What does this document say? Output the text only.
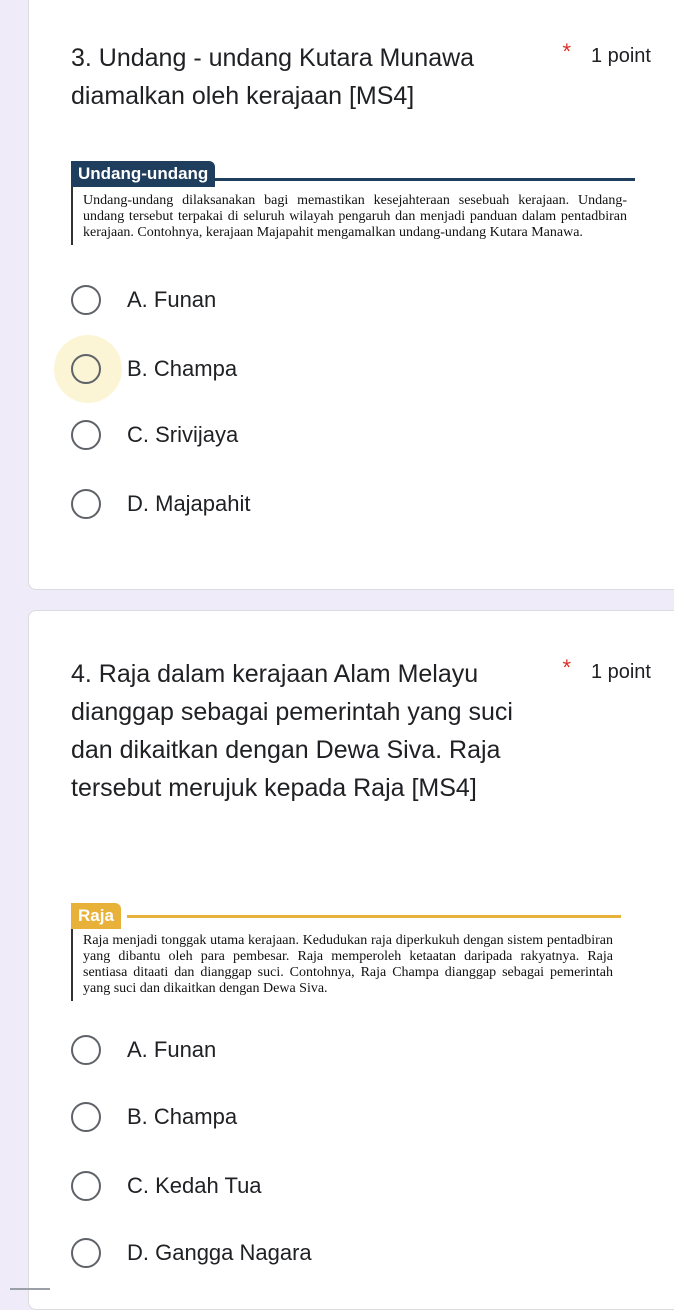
3. Undang - undang Kutara Munawa diamalkan oleh kerajaan [MS4]

* 1 point
Undang-undang
Undang-undang dilaksanakan bagi memastikan kesejahteraan sesebuah kerajaan. Undang-undang tersebut terpakai di seluruh wilayah pengaruh dan menjadi panduan dalam pentadbiran kerajaan. Contohnya, kerajaan Majapahit mengamalkan undang-undang Kutara Manawa.
A. Funan
B. Champa
C. Srivijaya
D. Majapahit

4. Raja dalam kerajaan Alam Melayu dianggap sebagai pemerintah yang suci dan dikaitkan dengan Dewa Siva. Raja tersebut merujuk kepada Raja [MS4]

* 1 point
Raja
Raja menjadi tonggak utama kerajaan. Kedudukan raja diperkukuh dengan sistem pentadbiran yang dibantu oleh para pembesar. Raja memperoleh ketaatan daripada rakyatnya. Raja sentiasa ditaati dan dianggap suci. Contohnya, Raja Champa dianggap sebagai pemerintah yang suci dan dikaitkan dengan Dewa Siva.
A. Funan
B. Champa
C. Kedah Tua
D. Gangga Nagara
